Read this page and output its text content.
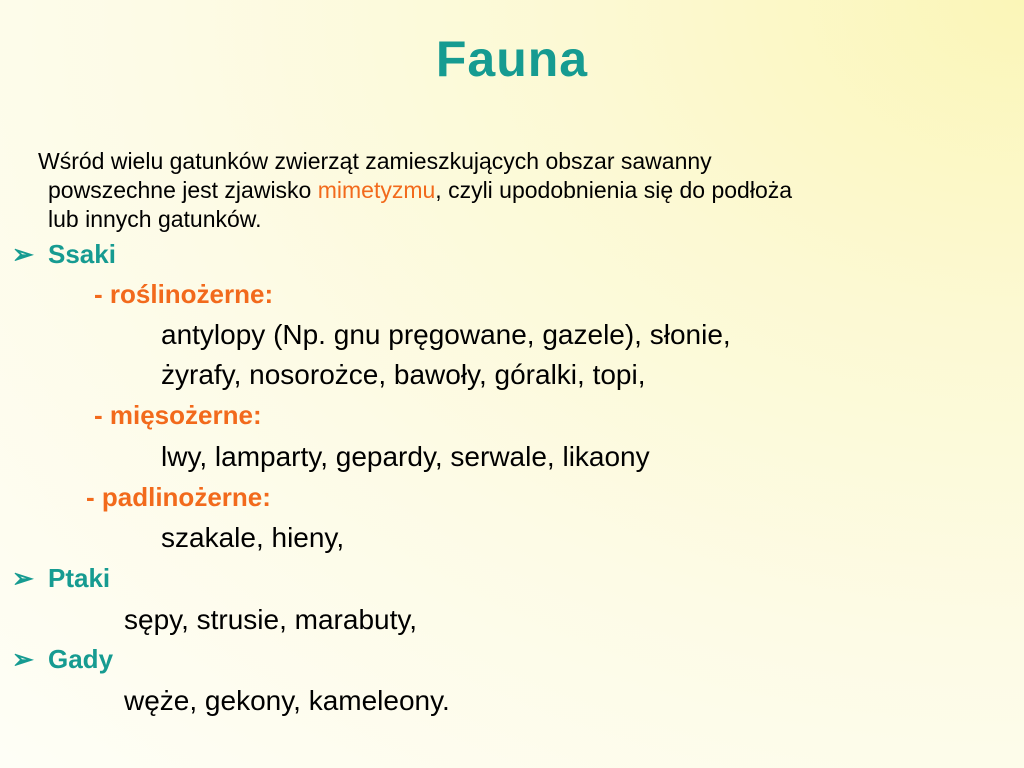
Fauna
Wśród wielu gatunków zwierząt zamieszkujących obszar sawanny
powszechne jest zjawisko mimetyzmu, czyli upodobnienia się do podłoża
lub innych gatunków.
➢ Ssaki
- roślinożerne:
antylopy (Np. gnu pręgowane, gazele), słonie,
żyrafy, nosorożce, bawoły, góralki, topi,
- mięsożerne:
lwy, lamparty, gepardy, serwale, likaony
- padlinożerne:
szakale, hieny,
➢ Ptaki
sępy, strusie, marabuty,
➢ Gady
węże, gekony, kameleony.
